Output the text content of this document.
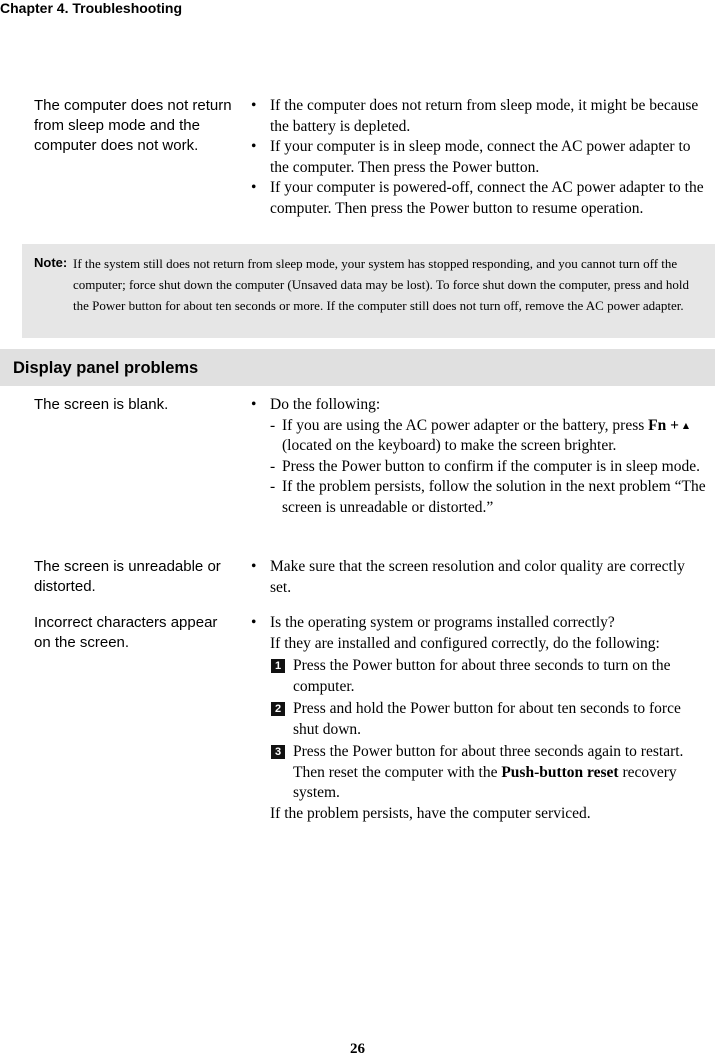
Chapter 4. Troubleshooting
The computer does not return from sleep mode and the computer does not work.
• If the computer does not return from sleep mode, it might be because the battery is depleted.
• If your computer is in sleep mode, connect the AC power adapter to the computer. Then press the Power button.
• If your computer is powered-off, connect the AC power adapter to the computer. Then press the Power button to resume operation.
Note: If the system still does not return from sleep mode, your system has stopped responding, and you cannot turn off the computer; force shut down the computer (Unsaved data may be lost). To force shut down the computer, press and hold the Power button for about ten seconds or more. If the computer still does not turn off, remove the AC power adapter.
Display panel problems
The screen is blank.
•	Do the following:
- If you are using the AC power adapter or the battery, press Fn + ▲ (located on the keyboard) to make the screen brighter.
- Press the Power button to confirm if the computer is in sleep mode.
- If the problem persists, follow the solution in the next problem “The screen is unreadable or distorted.”
The screen is unreadable or distorted.
• Make sure that the screen resolution and color quality are correctly set.
Incorrect characters appear on the screen.
• Is the operating system or programs installed correctly?
If they are installed and configured correctly, do the following:
1 Press the Power button for about three seconds to turn on the computer.
2 Press and hold the Power button for about ten seconds to force shut down.
3 Press the Power button for about three seconds again to restart. Then reset the computer with the Push-button reset recovery system.
If the problem persists, have the computer serviced.
26
